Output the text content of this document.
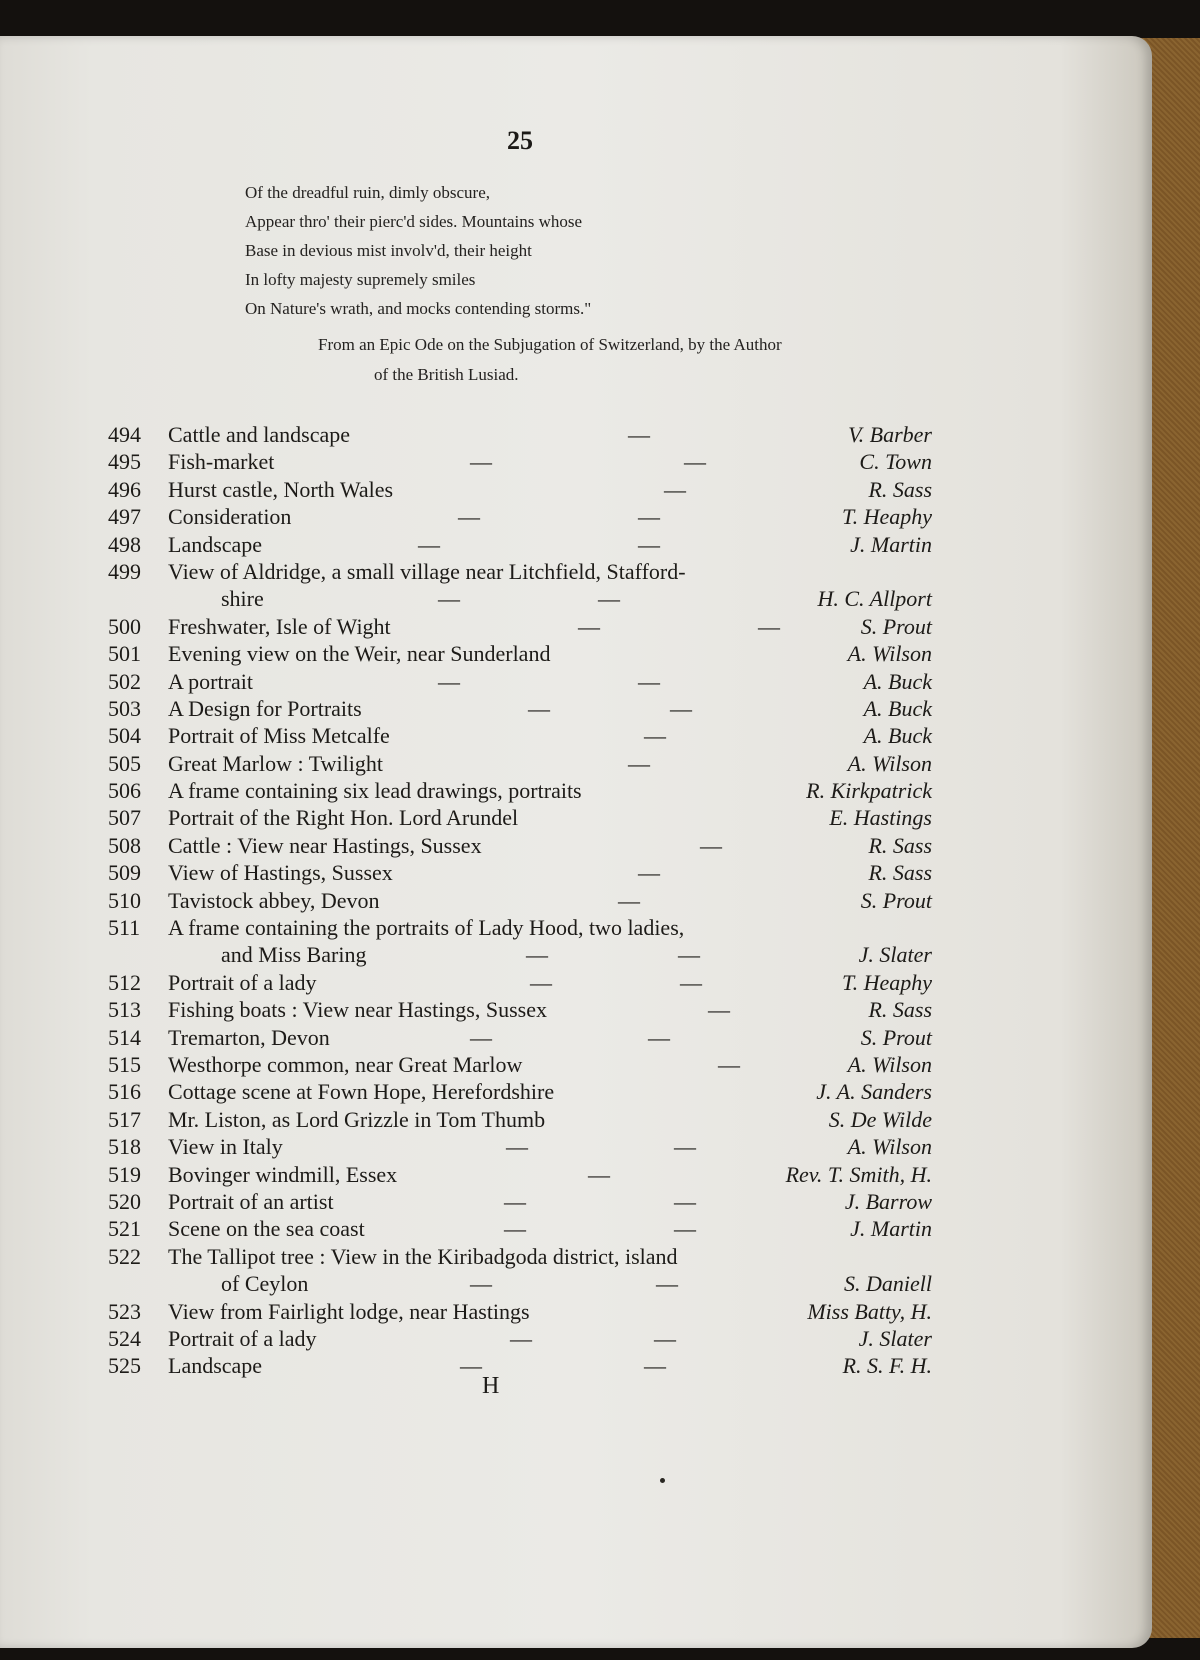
25
Of the dreadful ruin, dimly obscure,
Appear thro' their pierc'd sides. Mountains whose
Base in devious mist involv'd, their height
In lofty majesty supremely smiles
On Nature's wrath, and mocks contending storms."
From an Epic Ode on the Subjugation of Switzerland, by the Author
of the British Lusiad.
494	Cattle and landscape	—	V. Barber
495	Fish-market	—	—	C. Town
496	Hurst castle, North Wales	—	R. Sass
497	Consideration	—	—	T. Heaphy
498	Landscape	—	—	J. Martin
499	View of Aldridge, a small village near Litchfield, Stafford-
shire	—	—	H. C. Allport
500	Freshwater, Isle of Wight	—	—	S. Prout
501	Evening view on the Weir, near Sunderland	A. Wilson
502	A portrait	—	—	A. Buck
503	A Design for Portraits	—	—	A. Buck
504	Portrait of Miss Metcalfe	—	A. Buck
505	Great Marlow : Twilight	—	A. Wilson
506	A frame containing six lead drawings, portraits	R. Kirkpatrick
507	Portrait of the Right Hon. Lord Arundel	E. Hastings
508	Cattle : View near Hastings, Sussex	—	R. Sass
509	View of Hastings, Sussex	—	R. Sass
510	Tavistock abbey, Devon	—	S. Prout
511	A frame containing the portraits of Lady Hood, two ladies,
and Miss Baring	—	—	J. Slater
512	Portrait of a lady	—	—	T. Heaphy
513	Fishing boats : View near Hastings, Sussex	—	R. Sass
514	Tremarton, Devon	—	—	S. Prout
515	Westhorpe common, near Great Marlow	—	A. Wilson
516	Cottage scene at Fown Hope, Herefordshire	J. A. Sanders
517	Mr. Liston, as Lord Grizzle in Tom Thumb	S. De Wilde
518	View in Italy	—	—	A. Wilson
519	Bovinger windmill, Essex	—	Rev. T. Smith, H.
520	Portrait of an artist	—	—	J. Barrow
521	Scene on the sea coast	—	—	J. Martin
522	The Tallipot tree : View in the Kiribadgoda district, island
of Ceylon	—	—	S. Daniell
523	View from Fairlight lodge, near Hastings	Miss Batty, H.
524	Portrait of a lady	—	—	J. Slater
525	Landscape	—	—	R. S. F. H.
H
